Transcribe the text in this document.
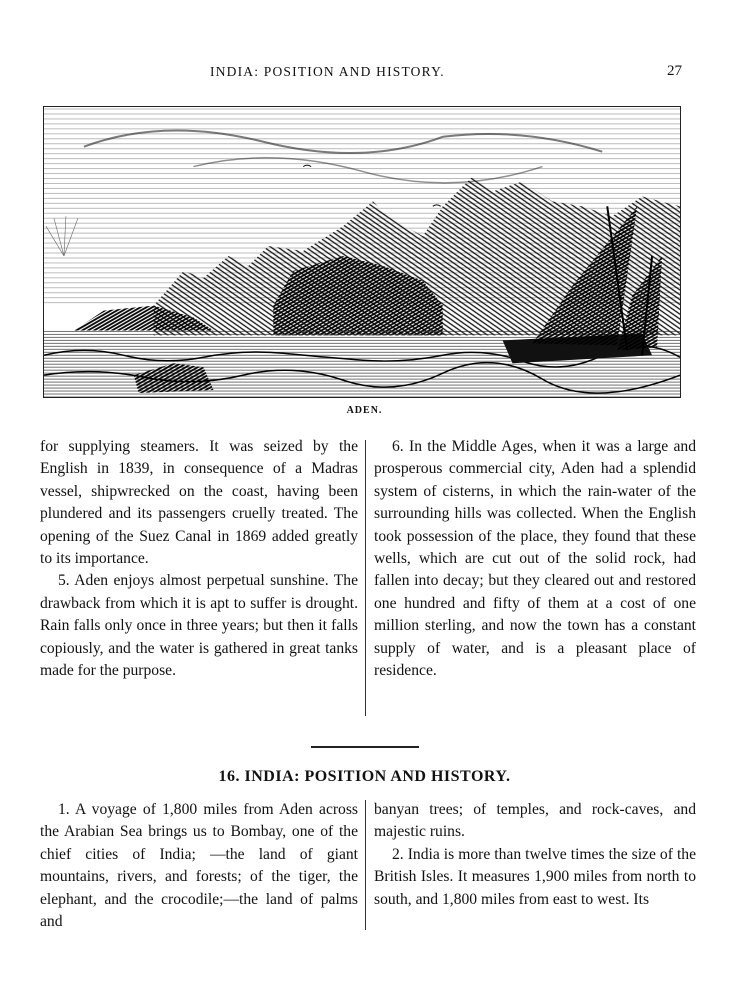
INDIA: POSITION AND HISTORY.	27
ADEN.

for supplying steamers. It was seized by the English in 1839, in consequence of a Madras vessel, shipwrecked on the coast, having been plundered and its passengers cruelly treated. The opening of the Suez Canal in 1869 added greatly to its importance.

5. Aden enjoys almost perpetual sunshine. The drawback from which it is apt to suffer is drought. Rain falls only once in three years; but then it falls copiously, and the water is gathered in great tanks made for the purpose.

6. In the Middle Ages, when it was a large and prosperous commercial city, Aden had a splendid system of cisterns, in which the rain-water of the surrounding hills was collected. When the English took possession of the place, they found that these wells, which are cut out of the solid rock, had fallen into decay; but they cleared out and restored one hundred and fifty of them at a cost of one million sterling, and now the town has a constant supply of water, and is a pleasant place of residence.

16. INDIA: POSITION AND HISTORY.

1. A voyage of 1,800 miles from Aden across the Arabian Sea brings us to Bombay, one of the chief cities of India; —the land of giant mountains, rivers, and forests; of the tiger, the elephant, and the crocodile;—the land of palms and

banyan trees; of temples, and rock-caves, and majestic ruins.

2. India is more than twelve times the size of the British Isles. It measures 1,900 miles from north to south, and 1,800 miles from east to west. Its
